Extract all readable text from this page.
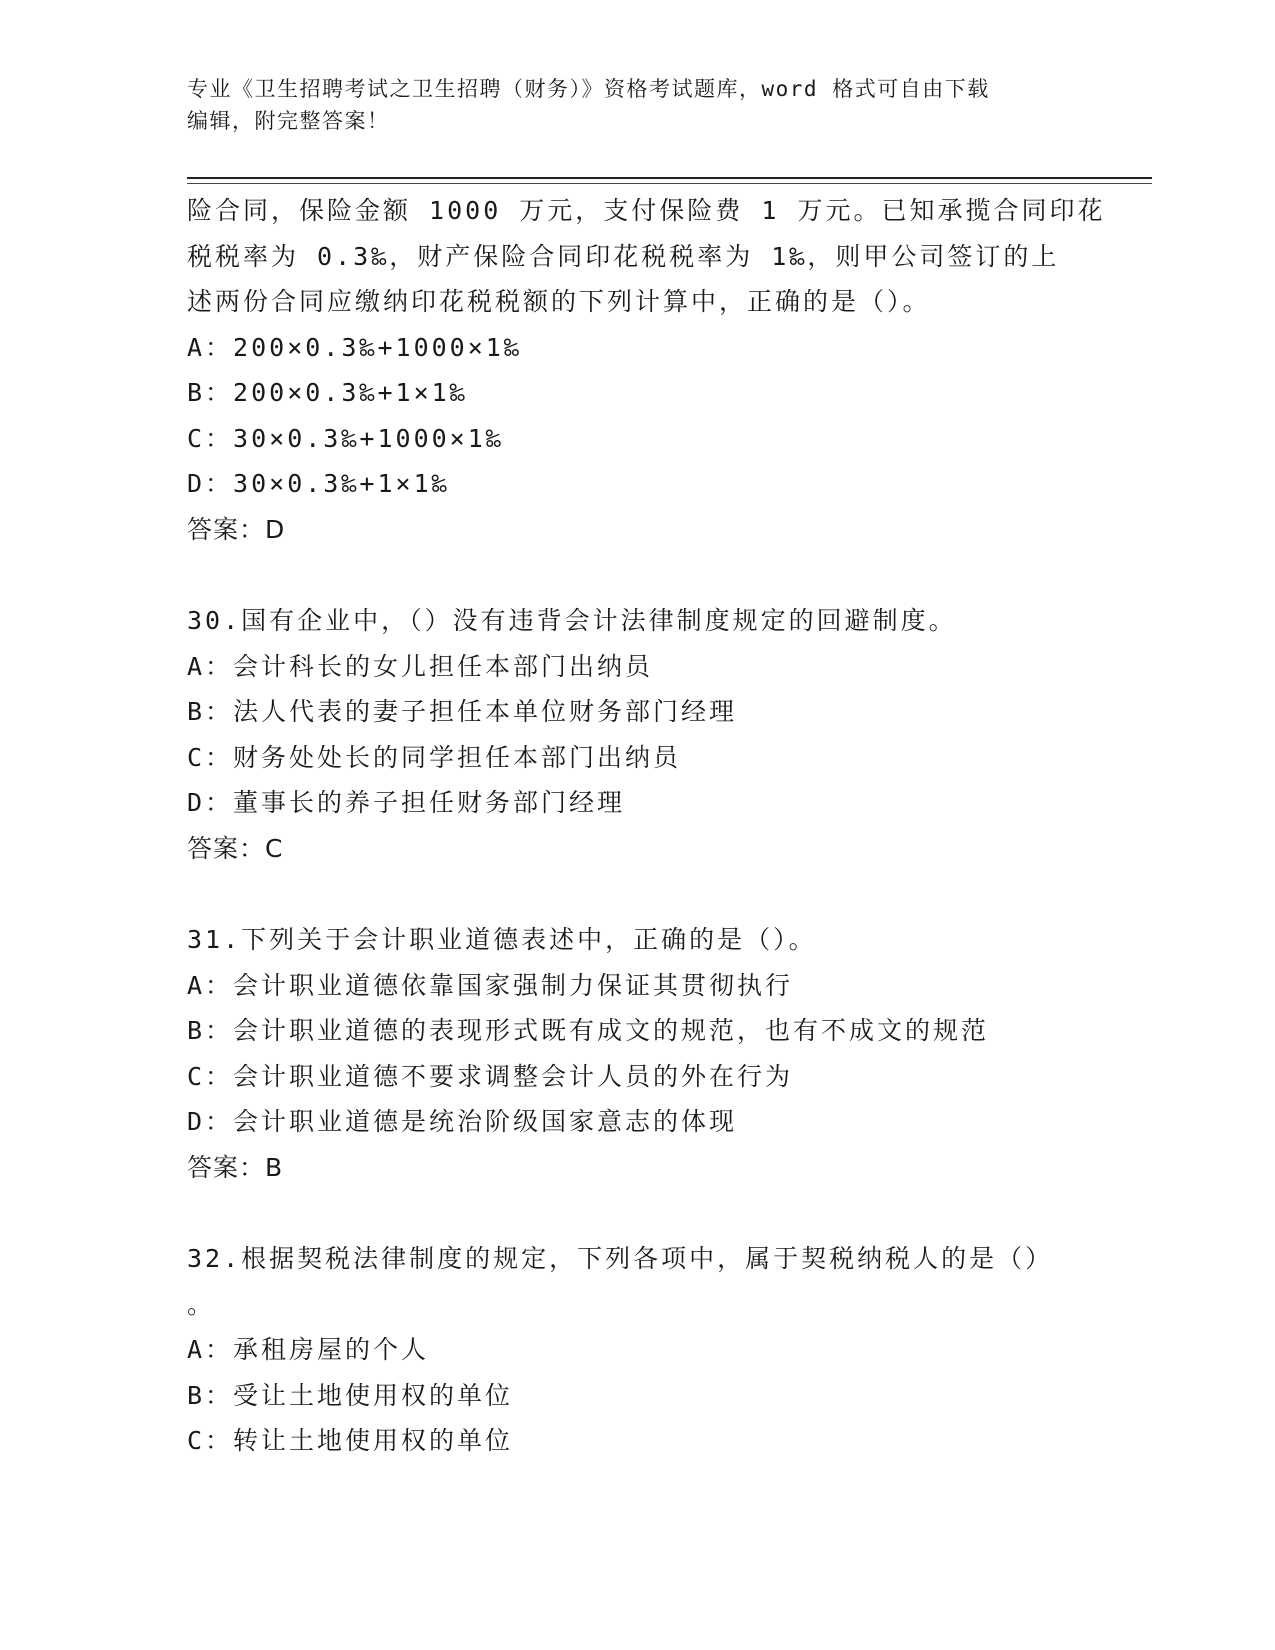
专业《卫生招聘考试之卫生招聘（财务）》资格考试题库，word 格式可自由下载
编辑，附完整答案！
险合同，保险金额 1000 万元，支付保险费 1 万元。已知承揽合同印花
税税率为 0.3‰，财产保险合同印花税税率为 1‰，则甲公司签订的上
述两份合同应缴纳印花税税额的下列计算中，正确的是（）。
A：200×0.3‰+1000×1‰
B：200×0.3‰+1×1‰
C：30×0.3‰+1000×1‰
D：30×0.3‰+1×1‰
答案：D
30.国有企业中，（）没有违背会计法律制度规定的回避制度。
A：会计科长的女儿担任本部门出纳员
B：法人代表的妻子担任本单位财务部门经理
C：财务处处长的同学担任本部门出纳员
D：董事长的养子担任财务部门经理
答案：C
31.下列关于会计职业道德表述中，正确的是（）。
A：会计职业道德依靠国家强制力保证其贯彻执行
B：会计职业道德的表现形式既有成文的规范，也有不成文的规范
C：会计职业道德不要求调整会计人员的外在行为
D：会计职业道德是统治阶级国家意志的体现
答案：B
32.根据契税法律制度的规定，下列各项中，属于契税纳税人的是（）
。
A：承租房屋的个人
B：受让土地使用权的单位
C：转让土地使用权的单位
